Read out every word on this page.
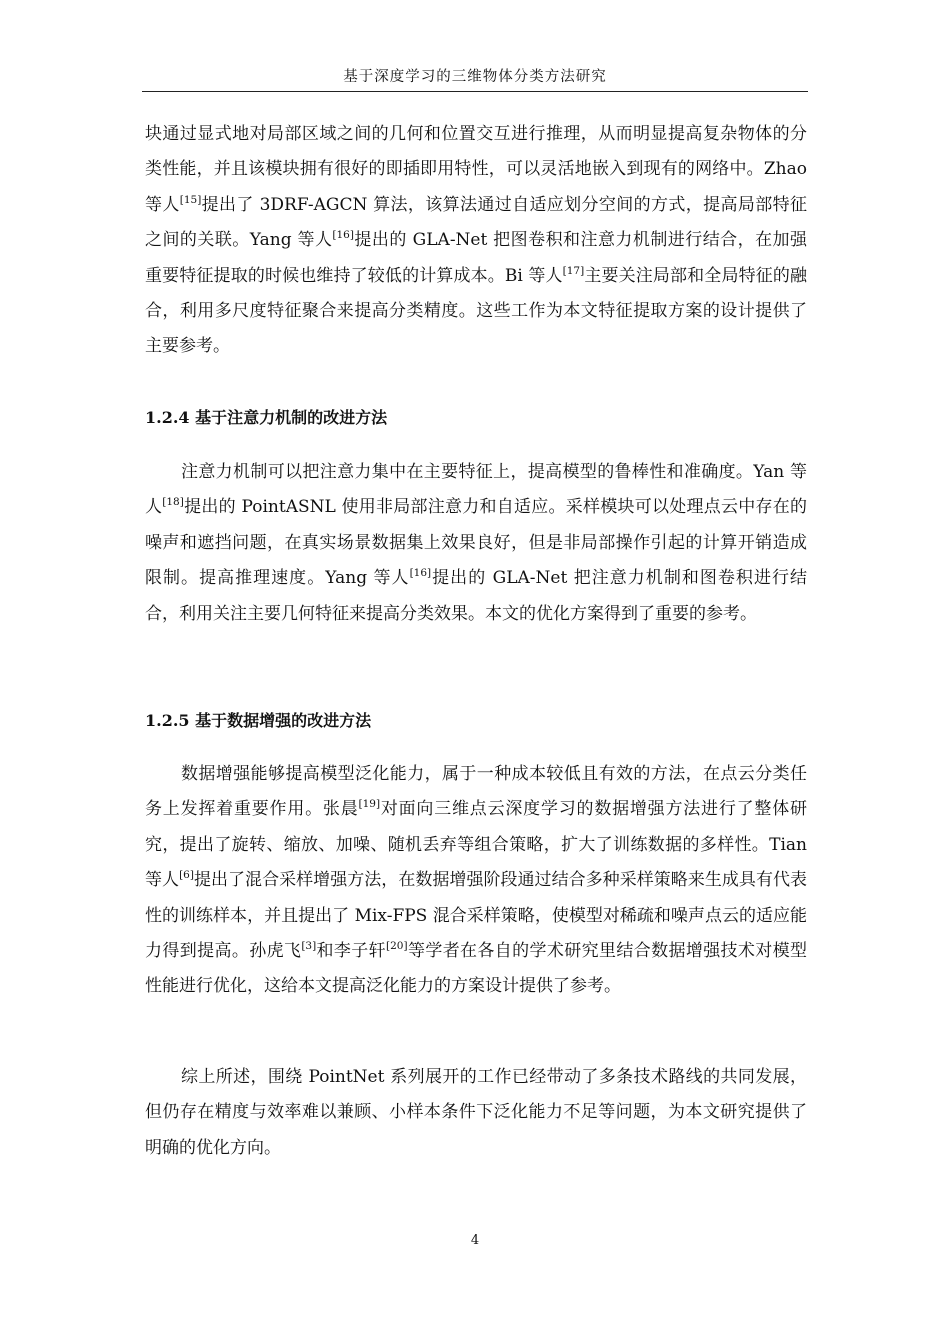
基于深度学习的三维物体分类方法研究

块通过显式地对局部区域之间的几何和位置交互进行推理，从而明显提高复杂物体的分类性能，并且该模块拥有很好的即插即用特性，可以灵活地嵌入到现有的网络中。Zhao 等人[15]提出了 3DRF-AGCN 算法，该算法通过自适应划分空间的方式，提高局部特征之间的关联。Yang 等人[16]提出的 GLA-Net 把图卷积和注意力机制进行结合，在加强重要特征提取的时候也维持了较低的计算成本。Bi 等人[17]主要关注局部和全局特征的融合，利用多尺度特征聚合来提高分类精度。这些工作为本文特征提取方案的设计提供了主要参考。

1.2.4 基于注意力机制的改进方法

注意力机制可以把注意力集中在主要特征上，提高模型的鲁棒性和准确度。Yan 等人[18]提出的 PointASNL 使用非局部注意力和自适应。采样模块可以处理点云中存在的噪声和遮挡问题，在真实场景数据集上效果良好，但是非局部操作引起的计算开销造成限制。提高推理速度。Yang 等人[16]提出的 GLA-Net 把注意力机制和图卷积进行结合，利用关注主要几何特征来提高分类效果。本文的优化方案得到了重要的参考。

1.2.5 基于数据增强的改进方法

数据增强能够提高模型泛化能力，属于一种成本较低且有效的方法，在点云分类任务上发挥着重要作用。张晨[19]对面向三维点云深度学习的数据增强方法进行了整体研究，提出了旋转、缩放、加噪、随机丢弃等组合策略，扩大了训练数据的多样性。Tian 等人[6]提出了混合采样增强方法，在数据增强阶段通过结合多种采样策略来生成具有代表性的训练样本，并且提出了 Mix-FPS 混合采样策略，使模型对稀疏和噪声点云的适应能力得到提高。孙虎飞[3]和李子轩[20]等学者在各自的学术研究里结合数据增强技术对模型性能进行优化，这给本文提高泛化能力的方案设计提供了参考。

综上所述，围绕 PointNet 系列展开的工作已经带动了多条技术路线的共同发展，但仍存在精度与效率难以兼顾、小样本条件下泛化能力不足等问题，为本文研究提供了明确的优化方向。

4
